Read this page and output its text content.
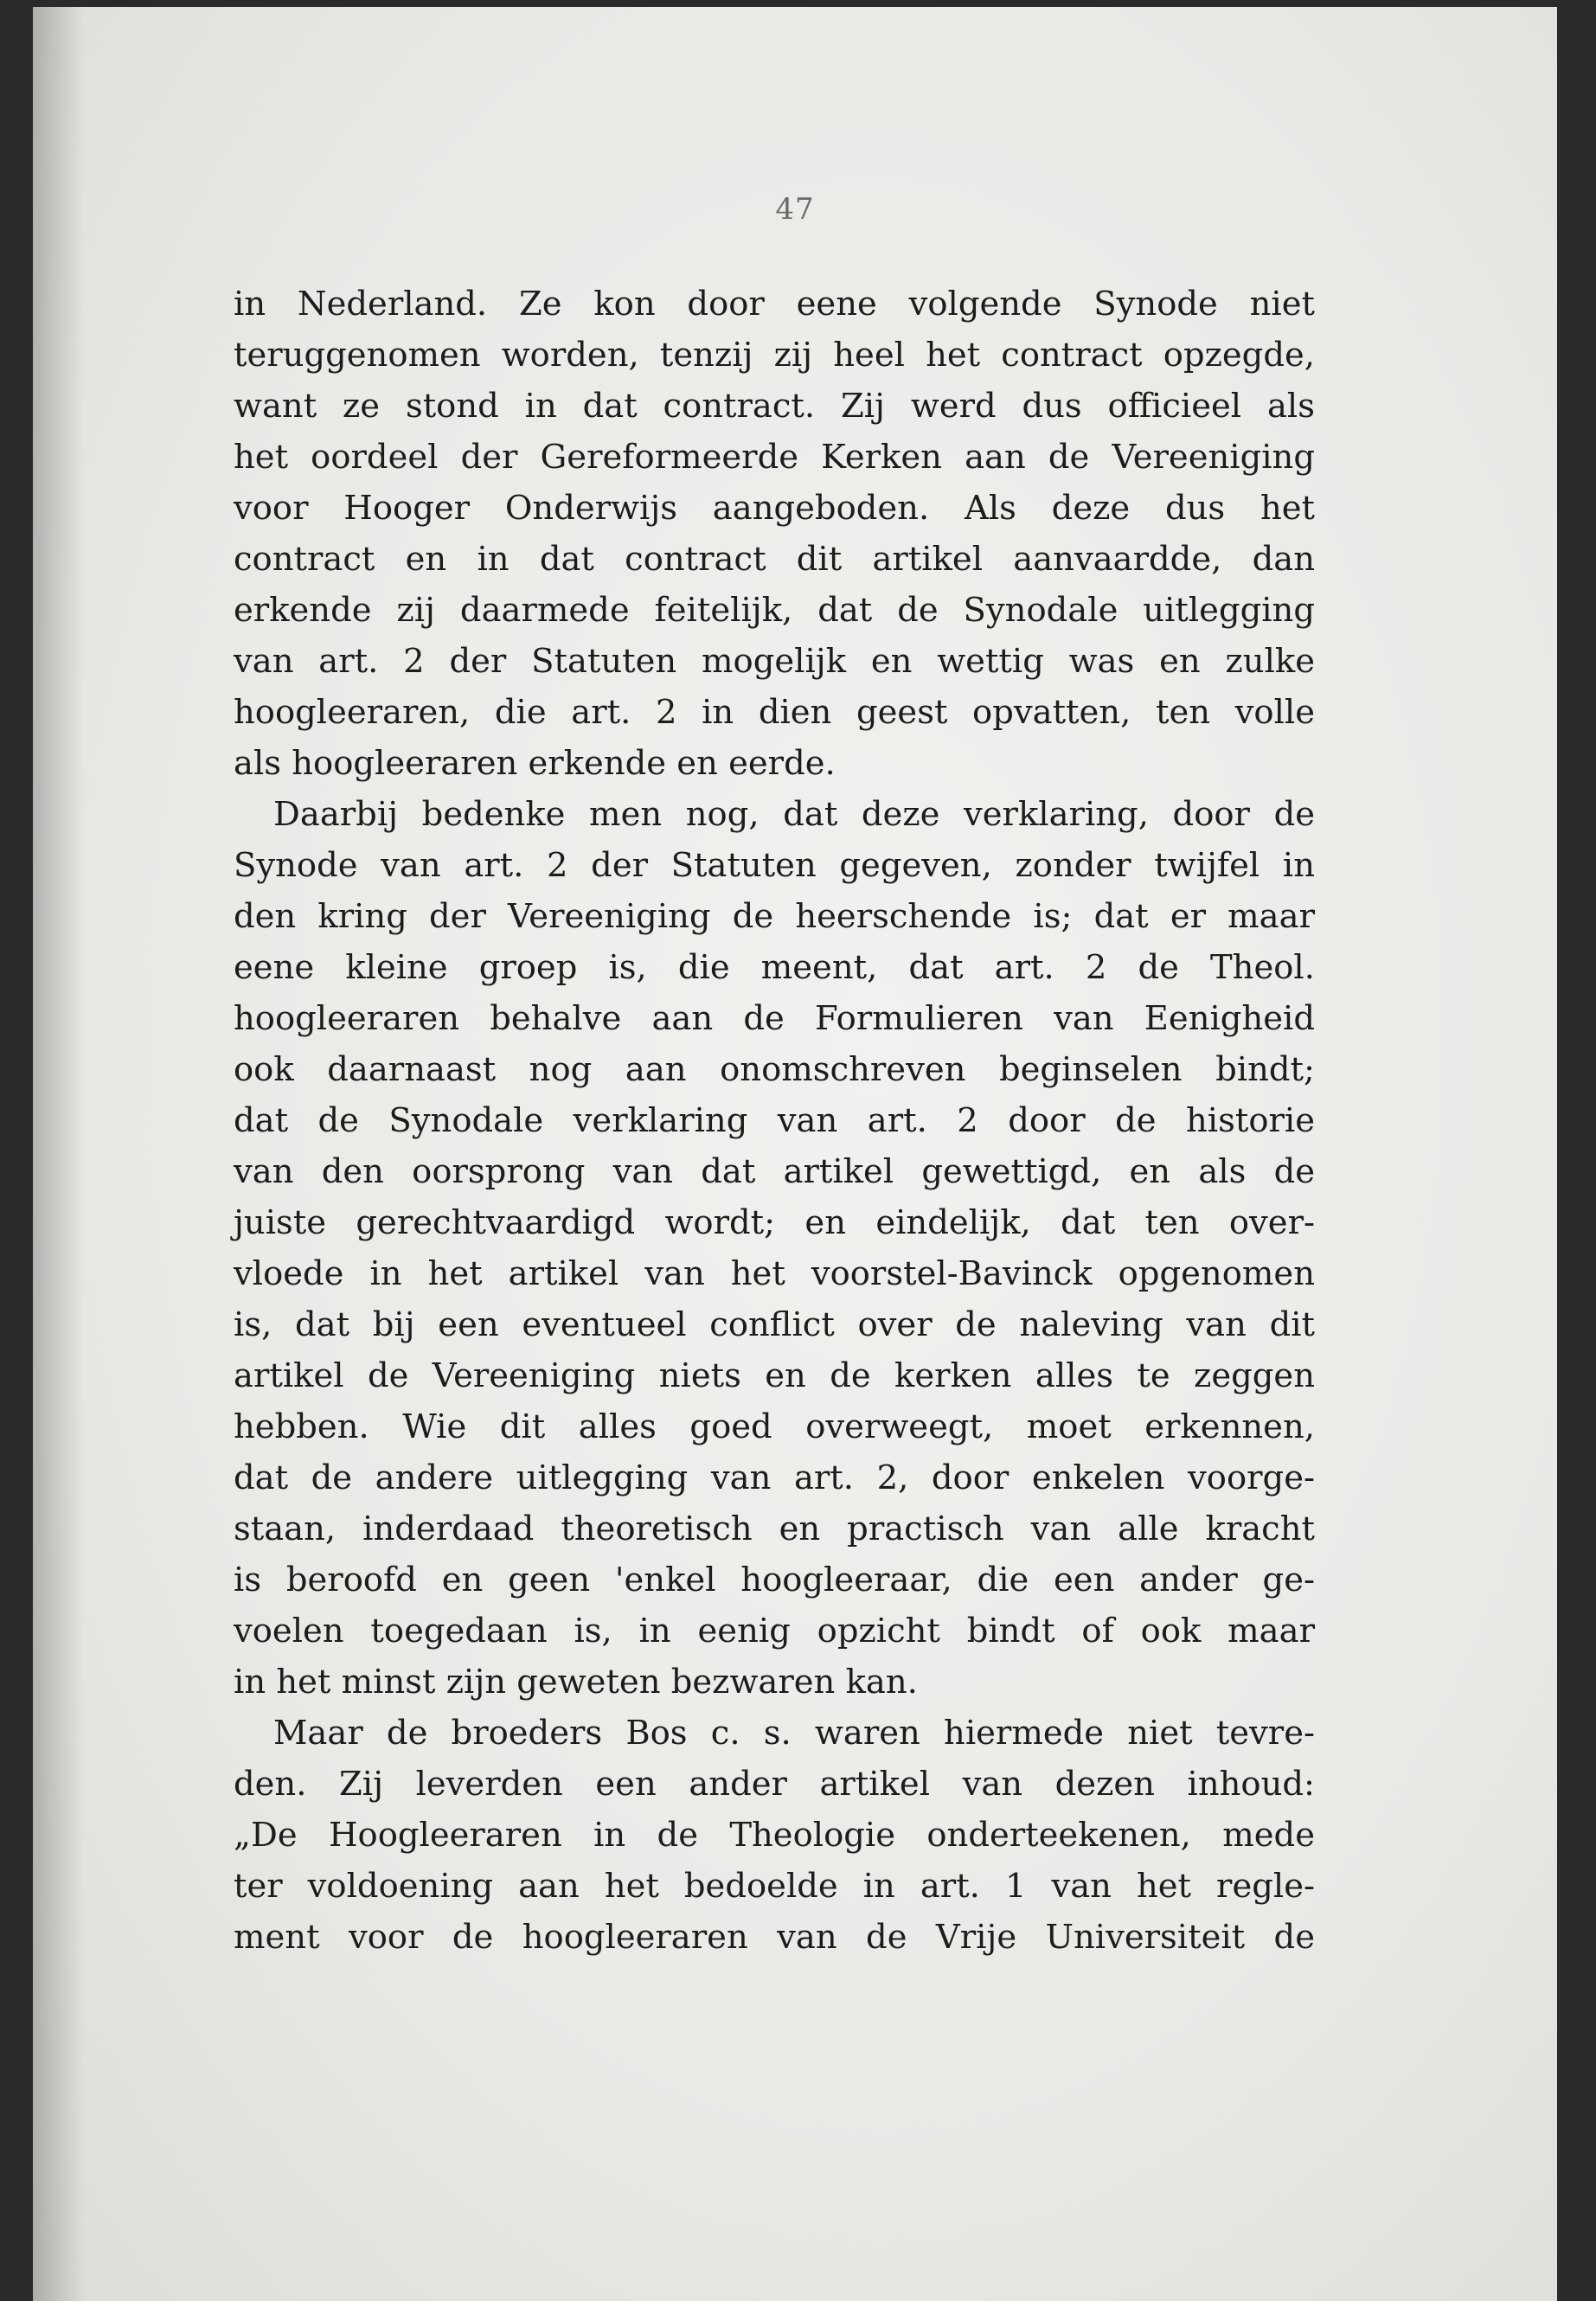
47
in Nederland. Ze kon door eene volgende Synode niet
teruggenomen worden, tenzij zij heel het contract opzegde,
want ze stond in dat contract. Zij werd dus officieel als
het oordeel der Gereformeerde Kerken aan de Vereeniging
voor Hooger Onderwijs aangeboden. Als deze dus het
contract en in dat contract dit artikel aanvaardde, dan
erkende zij daarmede feitelijk, dat de Synodale uitlegging
van art. 2 der Statuten mogelijk en wettig was en zulke
hoogleeraren, die art. 2 in dien geest opvatten, ten volle
als hoogleeraren erkende en eerde.
Daarbij bedenke men nog, dat deze verklaring, door de
Synode van art. 2 der Statuten gegeven, zonder twijfel in
den kring der Vereeniging de heerschende is; dat er maar
eene kleine groep is, die meent, dat art. 2 de Theol.
hoogleeraren behalve aan de Formulieren van Eenigheid
ook daarnaast nog aan onomschreven beginselen bindt;
dat de Synodale verklaring van art. 2 door de historie
van den oorsprong van dat artikel gewettigd, en als de
juiste gerechtvaardigd wordt; en eindelijk, dat ten over-
vloede in het artikel van het voorstel-Bavinck opgenomen
is, dat bij een eventueel conflict over de naleving van dit
artikel de Vereeniging niets en de kerken alles te zeggen
hebben. Wie dit alles goed overweegt, moet erkennen,
dat de andere uitlegging van art. 2, door enkelen voorge-
staan, inderdaad theoretisch en practisch van alle kracht
is beroofd en geen 'enkel hoogleeraar, die een ander ge-
voelen toegedaan is, in eenig opzicht bindt of ook maar
in het minst zijn geweten bezwaren kan.
Maar de broeders Bos c. s. waren hiermede niet tevre-
den. Zij leverden een ander artikel van dezen inhoud:
„De Hoogleeraren in de Theologie onderteekenen, mede
ter voldoening aan het bedoelde in art. 1 van het regle-
ment voor de hoogleeraren van de Vrije Universiteit de
